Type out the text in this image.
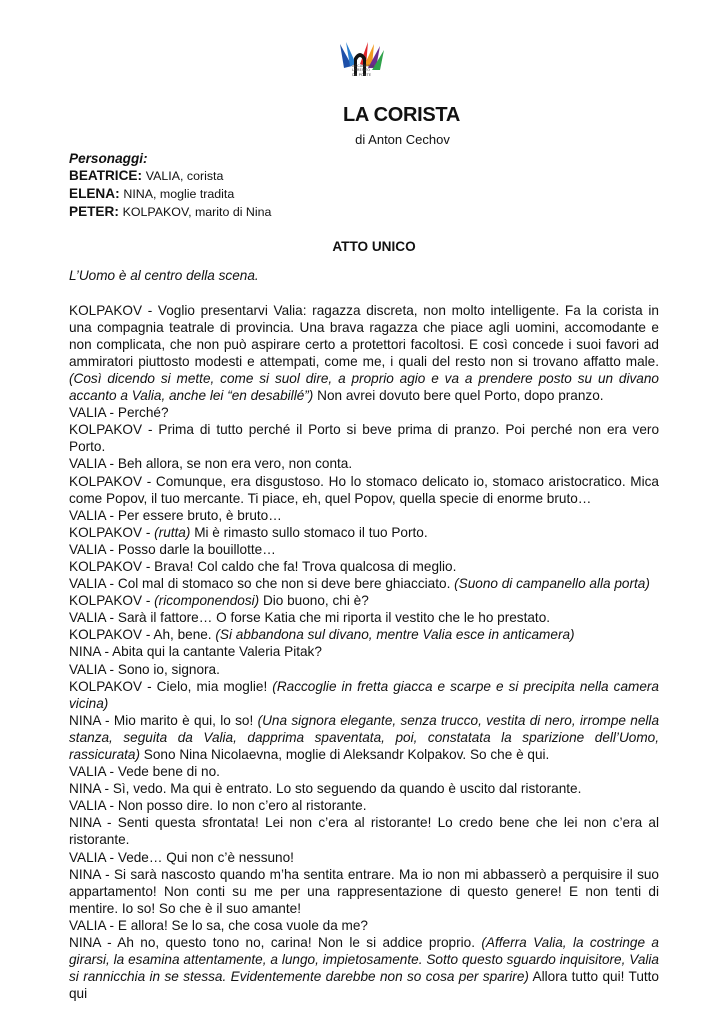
ACCADEMIA
LORENZO
DA PONTE
LA CORISTA
di Anton Cechov

Personaggi:

BEATRICE: VALIA, corista

ELENA: NINA, moglie tradita

PETER: KOLPAKOV, marito di Nina

ATTO UNICO

L’Uomo è al centro della scena.

KOLPAKOV - Voglio presentarvi Valia: ragazza discreta, non molto intelligente. Fa la corista in una compagnia teatrale di provincia. Una brava ragazza che piace agli uomini, accomodante e non complicata, che non può aspirare certo a protettori facoltosi. E così concede i suoi favori ad ammiratori piuttosto modesti e attempati, come me, i quali del resto non si trovano affatto male. (Così dicendo si mette, come si suol dire, a proprio agio e va a prendere posto su un divano accanto a Valia, anche lei “en desabillé”) Non avrei dovuto bere quel Porto, dopo pranzo.

VALIA - Perché?

KOLPAKOV - Prima di tutto perché il Porto si beve prima di pranzo. Poi perché non era vero Porto.

VALIA - Beh allora, se non era vero, non conta.

KOLPAKOV - Comunque, era disgustoso. Ho lo stomaco delicato io, stomaco aristocratico. Mica come Popov, il tuo mercante. Ti piace, eh, quel Popov, quella specie di enorme bruto…

VALIA - Per essere bruto, è bruto…

KOLPAKOV - (rutta) Mi è rimasto sullo stomaco il tuo Porto.

VALIA - Posso darle la bouillotte…

KOLPAKOV - Brava! Col caldo che fa! Trova qualcosa di meglio.

VALIA - Col mal di stomaco so che non si deve bere ghiacciato. (Suono di campanello alla porta)

KOLPAKOV - (ricomponendosi) Dio buono, chi è?

VALIA - Sarà il fattore… O forse Katia che mi riporta il vestito che le ho prestato.

KOLPAKOV - Ah, bene. (Si abbandona sul divano, mentre Valia esce in anticamera)

NINA - Abita qui la cantante Valeria Pitak?

VALIA - Sono io, signora.

KOLPAKOV - Cielo, mia moglie! (Raccoglie in fretta giacca e scarpe e si precipita nella camera vicina)

NINA - Mio marito è qui, lo so! (Una signora elegante, senza trucco, vestita di nero, irrompe nella stanza, seguita da Valia, dapprima spaventata, poi, constatata la sparizione dell’Uomo, rassicurata) Sono Nina Nicolaevna, moglie di Aleksandr Kolpakov. So che è qui.

VALIA - Vede bene di no.

NINA - Sì, vedo. Ma qui è entrato. Lo sto seguendo da quando è uscito dal ristorante.

VALIA - Non posso dire. Io non c’ero al ristorante.

NINA - Senti questa sfrontata! Lei non c’era al ristorante! Lo credo bene che lei non c’era al ristorante.

VALIA - Vede… Qui non c’è nessuno!

NINA - Si sarà nascosto quando m’ha sentita entrare. Ma io non mi abbasserò a perquisire il suo appartamento! Non conti su me per una rappresentazione di questo genere! E non tenti di mentire. Io so! So che è il suo amante!

VALIA - E allora! Se lo sa, che cosa vuole da me?

NINA - Ah no, questo tono no, carina! Non le si addice proprio. (Afferra Valia, la costringe a girarsi, la esamina attentamente, a lungo, impietosamente. Sotto questo sguardo inquisitore, Valia si rannicchia in se stessa. Evidentemente darebbe non so cosa per sparire) Allora tutto qui! Tutto qui
